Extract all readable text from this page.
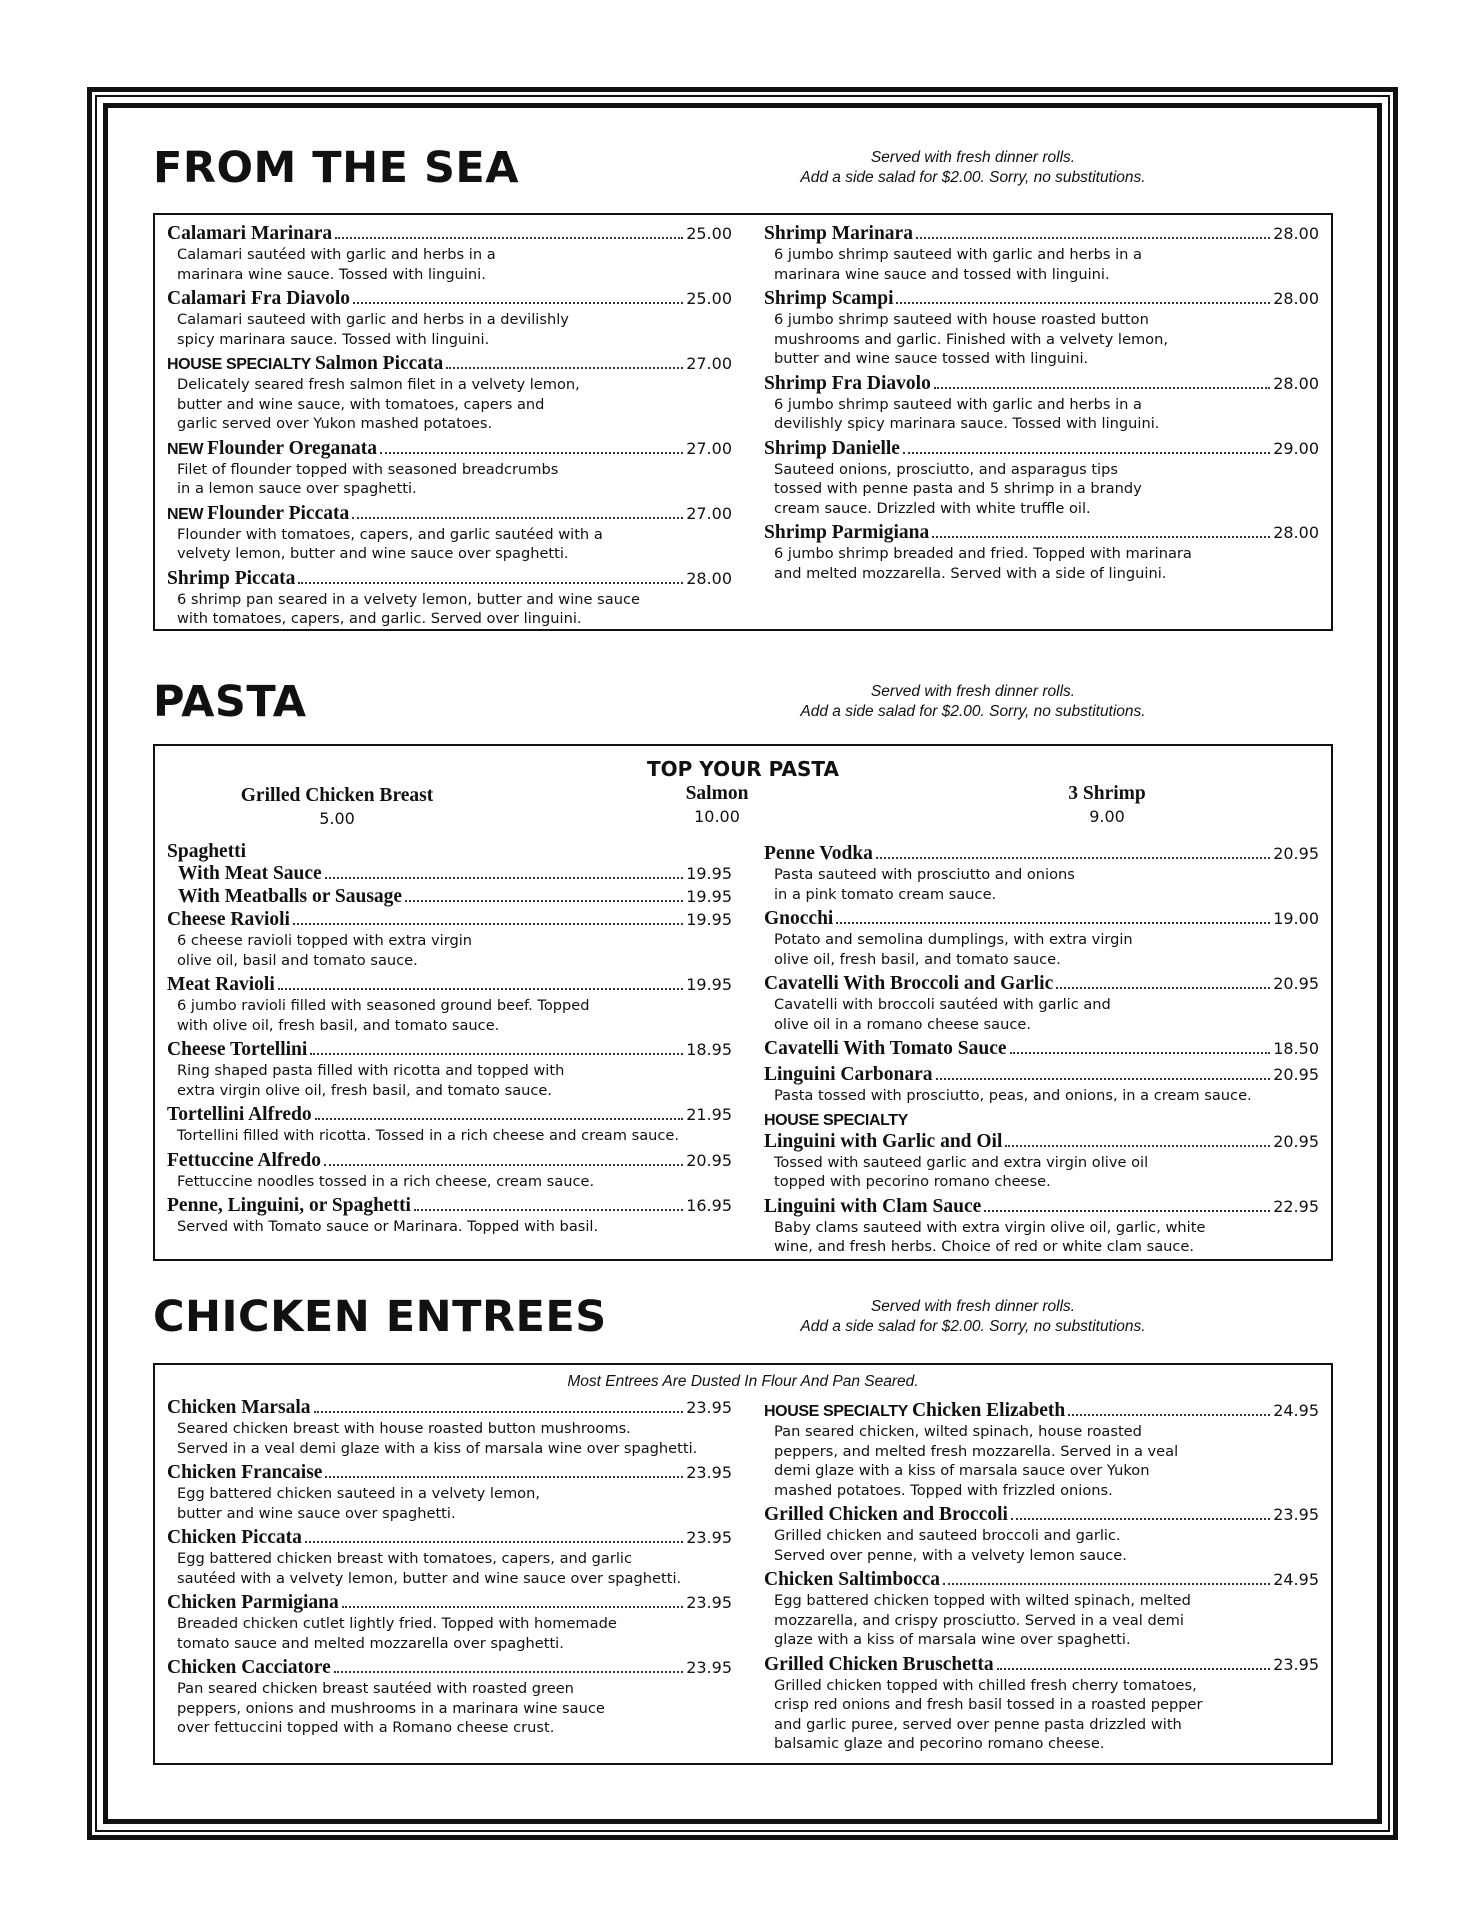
FROM THE SEA	Served with fresh dinner rolls.
Add a side salad for $2.00. Sorry, no substitutions.
Calamari Marinara	25.00
Calamari sautéed with garlic and herbs in a
marinara wine sauce. Tossed with linguini.
Calamari Fra Diavolo	25.00
Calamari sauteed with garlic and herbs in a devilishly
spicy marinara sauce. Tossed with linguini.
HOUSE SPECIALTY Salmon Piccata	27.00
Delicately seared fresh salmon filet in a velvety lemon,
butter and wine sauce, with tomatoes, capers and
garlic served over Yukon mashed potatoes.
NEW Flounder Oreganata	27.00
Filet of flounder topped with seasoned breadcrumbs
in a lemon sauce over spaghetti.
NEW Flounder Piccata	27.00
Flounder with tomatoes, capers, and garlic sautéed with a
velvety lemon, butter and wine sauce over spaghetti.
Shrimp Piccata	28.00
6 shrimp pan seared in a velvety lemon, butter and wine sauce
with tomatoes, capers, and garlic. Served over linguini.
Shrimp Marinara	28.00
6 jumbo shrimp sauteed with garlic and herbs in a
marinara wine sauce and tossed with linguini.
Shrimp Scampi	28.00
6 jumbo shrimp sauteed with house roasted button
mushrooms and garlic. Finished with a velvety lemon,
butter and wine sauce tossed with linguini.
Shrimp Fra Diavolo	28.00
6 jumbo shrimp sauteed with garlic and herbs in a
devilishly spicy marinara sauce. Tossed with linguini.
Shrimp Danielle	29.00
Sauteed onions, prosciutto, and asparagus tips
tossed with penne pasta and 5 shrimp in a brandy
cream sauce. Drizzled with white truffle oil.
Shrimp Parmigiana	28.00
6 jumbo shrimp breaded and fried. Topped with marinara
and melted mozzarella. Served with a side of linguini.
PASTA	Served with fresh dinner rolls.
Add a side salad for $2.00. Sorry, no substitutions.
TOP YOUR PASTA
Grilled Chicken Breast
5.00
Salmon
10.00
3 Shrimp
9.00
Spaghetti
With Meat Sauce	19.95
With Meatballs or Sausage	19.95
Cheese Ravioli	19.95
6 cheese ravioli topped with extra virgin
olive oil, basil and tomato sauce.
Meat Ravioli	19.95
6 jumbo ravioli filled with seasoned ground beef. Topped
with olive oil, fresh basil, and tomato sauce.
Cheese Tortellini	18.95
Ring shaped pasta filled with ricotta and topped with
extra virgin olive oil, fresh basil, and tomato sauce.
Tortellini Alfredo	21.95
Tortellini filled with ricotta. Tossed in a rich cheese and cream sauce.
Fettuccine Alfredo	20.95
Fettuccine noodles tossed in a rich cheese, cream sauce.
Penne, Linguini, or Spaghetti	16.95
Served with Tomato sauce or Marinara. Topped with basil.
Penne Vodka	20.95
Pasta sauteed with prosciutto and onions
in a pink tomato cream sauce.
Gnocchi	19.00
Potato and semolina dumplings, with extra virgin
olive oil, fresh basil, and tomato sauce.
Cavatelli With Broccoli and Garlic	20.95
Cavatelli with broccoli sautéed with garlic and
olive oil in a romano cheese sauce.
Cavatelli With Tomato Sauce	18.50
Linguini Carbonara	20.95
Pasta tossed with prosciutto, peas, and onions, in a cream sauce.
HOUSE SPECIALTY
Linguini with Garlic and Oil	20.95
Tossed with sauteed garlic and extra virgin olive oil
topped with pecorino romano cheese.
Linguini with Clam Sauce	22.95
Baby clams sauteed with extra virgin olive oil, garlic, white
wine, and fresh herbs. Choice of red or white clam sauce.
CHICKEN ENTREES	Served with fresh dinner rolls.
Add a side salad for $2.00. Sorry, no substitutions.
Most Entrees Are Dusted In Flour And Pan Seared.
Chicken Marsala	23.95
Seared chicken breast with house roasted button mushrooms.
Served in a veal demi glaze with a kiss of marsala wine over spaghetti.
Chicken Francaise	23.95
Egg battered chicken sauteed in a velvety lemon,
butter and wine sauce over spaghetti.
Chicken Piccata	23.95
Egg battered chicken breast with tomatoes, capers, and garlic
sautéed with a velvety lemon, butter and wine sauce over spaghetti.
Chicken Parmigiana	23.95
Breaded chicken cutlet lightly fried. Topped with homemade
tomato sauce and melted mozzarella over spaghetti.
Chicken Cacciatore	23.95
Pan seared chicken breast sautéed with roasted green
peppers, onions and mushrooms in a marinara wine sauce
over fettuccini topped with a Romano cheese crust.
HOUSE SPECIALTY Chicken Elizabeth	24.95
Pan seared chicken, wilted spinach, house roasted
peppers, and melted fresh mozzarella. Served in a veal
demi glaze with a kiss of marsala sauce over Yukon
mashed potatoes. Topped with frizzled onions.
Grilled Chicken and Broccoli	23.95
Grilled chicken and sauteed broccoli and garlic.
Served over penne, with a velvety lemon sauce.
Chicken Saltimbocca	24.95
Egg battered chicken topped with wilted spinach, melted
mozzarella, and crispy prosciutto. Served in a veal demi
glaze with a kiss of marsala wine over spaghetti.
Grilled Chicken Bruschetta	23.95
Grilled chicken topped with chilled fresh cherry tomatoes,
crisp red onions and fresh basil tossed in a roasted pepper
and garlic puree, served over penne pasta drizzled with
balsamic glaze and pecorino romano cheese.
